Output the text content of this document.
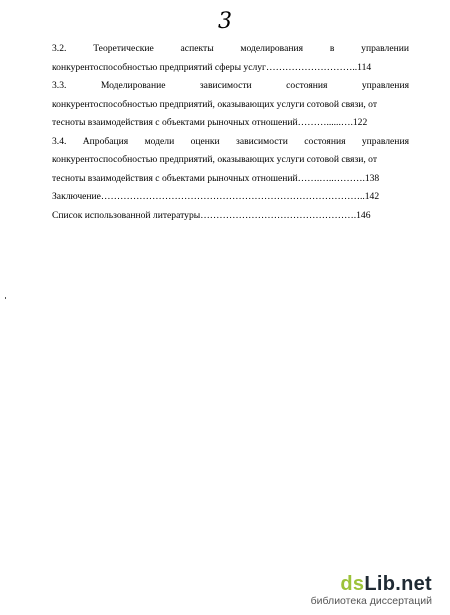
3
3.2. Теоретические аспекты моделирования в управлении
конкурентоспособностью предприятий сферы услуг………………………..114
3.3. Моделирование зависимости состояния управления
конкурентоспособностью предприятий, оказывающих услуги сотовой связи, от
тесноты взаимодействия с объектами рыночных отношений………......….122
3.4. Апробация модели оценки зависимости состояния управления
конкурентоспособностью предприятий, оказывающих услуги сотовой связи, от
тесноты взаимодействия с объектами рыночных отношений…….…..……….138
Заключение………………………………………………………………………..142
Список использованной литературы………………………………………….146
dsLib.net
библиотека диссертаций
